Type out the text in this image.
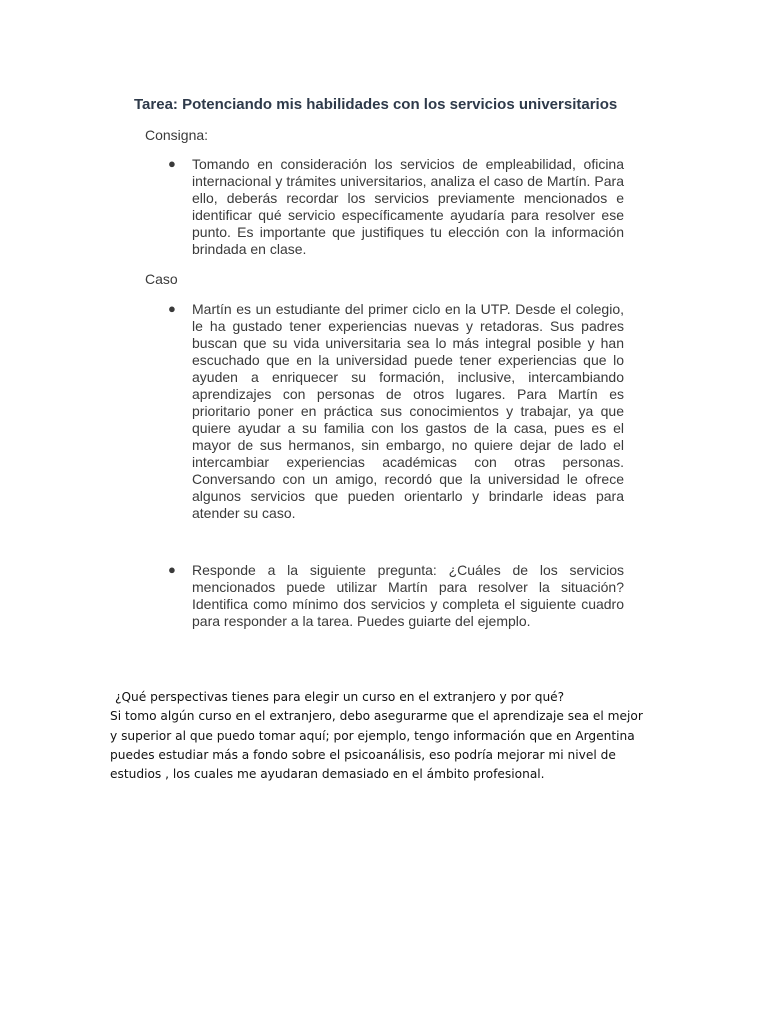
Tarea: Potenciando mis habilidades con los servicios universitarios

Consigna:

● Tomando en consideración los servicios de empleabilidad, oficina internacional y trámites universitarios, analiza el caso de Martín. Para ello, deberás recordar los servicios previamente mencionados e identificar qué servicio específicamente ayudaría para resolver ese punto. Es importante que justifiques tu elección con la información brindada en clase.

Caso

● Martín es un estudiante del primer ciclo en la UTP. Desde el colegio, le ha gustado tener experiencias nuevas y retadoras. Sus padres buscan que su vida universitaria sea lo más integral posible y han escuchado que en la universidad puede tener experiencias que lo ayuden a enriquecer su formación, inclusive, intercambiando aprendizajes con personas de otros lugares. Para Martín es prioritario poner en práctica sus conocimientos y trabajar, ya que quiere ayudar a su familia con los gastos de la casa, pues es el mayor de sus hermanos, sin embargo, no quiere dejar de lado el intercambiar experiencias académicas con otras personas. Conversando con un amigo, recordó que la universidad le ofrece algunos servicios que pueden orientarlo y brindarle ideas para atender su caso.
● Responde a la siguiente pregunta: ¿Cuáles de los servicios mencionados puede utilizar Martín para resolver la situación? Identifica como mínimo dos servicios y completa el siguiente cuadro para responder a la tarea. Puedes guiarte del ejemplo.
¿Qué perspectivas tienes para elegir un curso en el extranjero y por qué?
Si tomo algún curso en el extranjero, debo asegurarme que el aprendizaje sea el mejor y superior al que puedo tomar aquí; por ejemplo, tengo información que en Argentina puedes estudiar más a fondo sobre el psicoanálisis, eso podría mejorar mi nivel de estudios , los cuales me ayudaran demasiado en el ámbito profesional.
